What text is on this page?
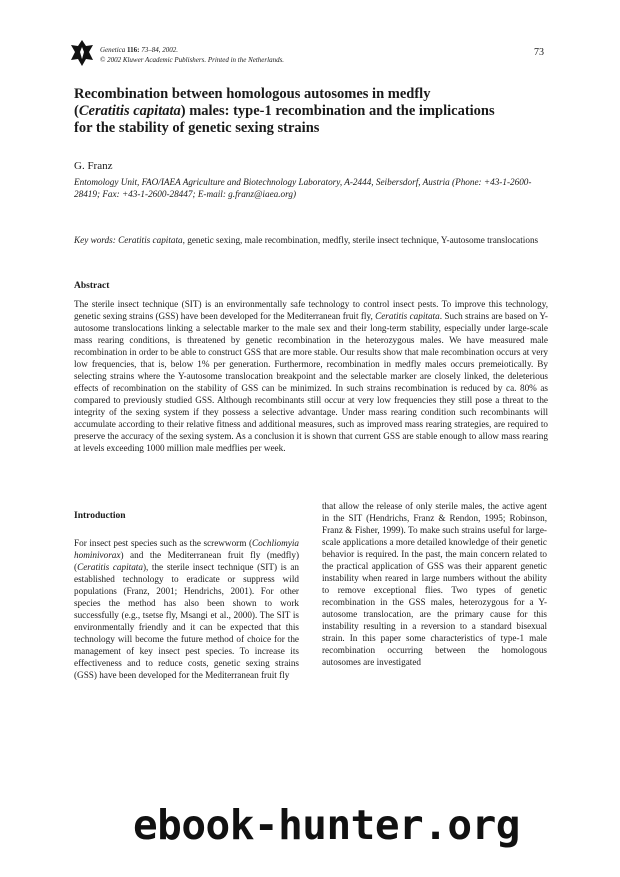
Genetica 116: 73–84, 2002.
© 2002 Kluwer Academic Publishers. Printed in the Netherlands.
73
Recombination between homologous autosomes in medfly
(Ceratitis capitata) males: type-1 recombination and the implications
for the stability of genetic sexing strains
G. Franz
Entomology Unit, FAO/IAEA Agriculture and Biotechnology Laboratory, A-2444, Seibersdorf, Austria (Phone: +43-1-2600-28419; Fax: +43-1-2600-28447; E-mail: g.franz@iaea.org)
Key words: Ceratitis capitata, genetic sexing, male recombination, medfly, sterile insect technique, Y-autosome translocations
Abstract
The sterile insect technique (SIT) is an environmentally safe technology to control insect pests. To improve this technology, genetic sexing strains (GSS) have been developed for the Mediterranean fruit fly, Ceratitis capitata. Such strains are based on Y-autosome translocations linking a selectable marker to the male sex and their long-term stability, especially under large-scale mass rearing conditions, is threatened by genetic recombination in the heterozygous males. We have measured male recombination in order to be able to construct GSS that are more stable. Our results show that male recombination occurs at very low frequencies, that is, below 1% per generation. Furthermore, recombination in medfly males occurs premeiotically. By selecting strains where the Y-autosome translocation breakpoint and the selectable marker are closely linked, the deleterious effects of recombination on the stability of GSS can be minimized. In such strains recombination is reduced by ca. 80% as compared to previously studied GSS. Although recombinants still occur at very low frequencies they still pose a threat to the integrity of the sexing system if they possess a selective advantage. Under mass rearing condition such recombinants will accumulate according to their relative fitness and additional measures, such as improved mass rearing strategies, are required to preserve the accuracy of the sexing system. As a conclusion it is shown that current GSS are stable enough to allow mass rearing at levels exceeding 1000 million male medflies per week.
Introduction

For insect pest species such as the screwworm (Cochliomyia hominivorax) and the Mediterranean fruit fly (medfly) (Ceratitis capitata), the sterile insect technique (SIT) is an established technology to eradicate or suppress wild populations (Franz, 2001; Hendrichs, 2001). For other species the method has also been shown to work successfully (e.g., tsetse fly, Msangi et al., 2000). The SIT is environmentally friendly and it can be expected that this technology will become the future method of choice for the management of key insect pest species. To increase its effectiveness and to reduce costs, genetic sexing strains (GSS) have been developed for the Mediterranean fruit fly

that allow the release of only sterile males, the active agent in the SIT (Hendrichs, Franz & Rendon, 1995; Robinson, Franz & Fisher, 1999). To make such strains useful for large-scale applications a more detailed knowledge of their genetic behavior is required. In the past, the main concern related to the practical application of GSS was their apparent genetic instability when reared in large numbers without the ability to remove exceptional flies. Two types of genetic recombination in the GSS males, heterozygous for a Y-autosome translocation, are the primary cause for this instability resulting in a reversion to a standard bisexual strain. In this paper some characteristics of type-1 male recombination occurring between the homologous autosomes are investigated

ebook-hunter.org
